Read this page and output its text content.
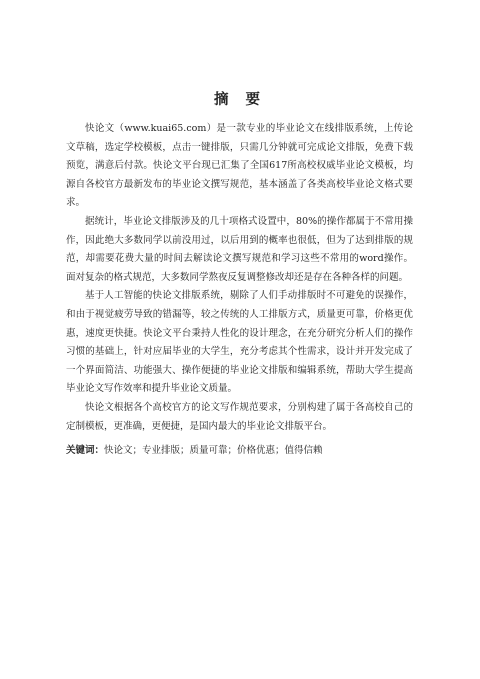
摘 要

快论文（www.kuai65.com）是一款专业的毕业论文在线排版系统，上传论文草稿，选定学校模板，点击一键排版，只需几分钟就可完成论文排版，免费下载预览，满意后付款。快论文平台现已汇集了全国617所高校权威毕业论文模板，均源自各校官方最新发布的毕业论文撰写规范，基本涵盖了各类高校毕业论文格式要求。

据统计，毕业论文排版涉及的几十项格式设置中，80%的操作都属于不常用操作，因此绝大多数同学以前没用过，以后用到的概率也很低，但为了达到排版的规范，却需要花费大量的时间去解读论文撰写规范和学习这些不常用的word操作。面对复杂的格式规范，大多数同学熬夜反复调整修改却还是存在各种各样的问题。

基于人工智能的快论文排版系统，剔除了人们手动排版时不可避免的误操作，和由于视觉疲劳导致的错漏等，较之传统的人工排版方式，质量更可靠，价格更优惠，速度更快捷。快论文平台秉持人性化的设计理念，在充分研究分析人们的操作习惯的基础上，针对应届毕业的大学生，充分考虑其个性需求，设计并开发完成了一个界面简洁、功能强大、操作便捷的毕业论文排版和编辑系统，帮助大学生提高毕业论文写作效率和提升毕业论文质量。

快论文根据各个高校官方的论文写作规范要求，分别构建了属于各高校自己的定制模板，更准确，更便捷，是国内最大的毕业论文排版平台。

关键词：快论文；专业排版；质量可靠；价格优惠；值得信赖
